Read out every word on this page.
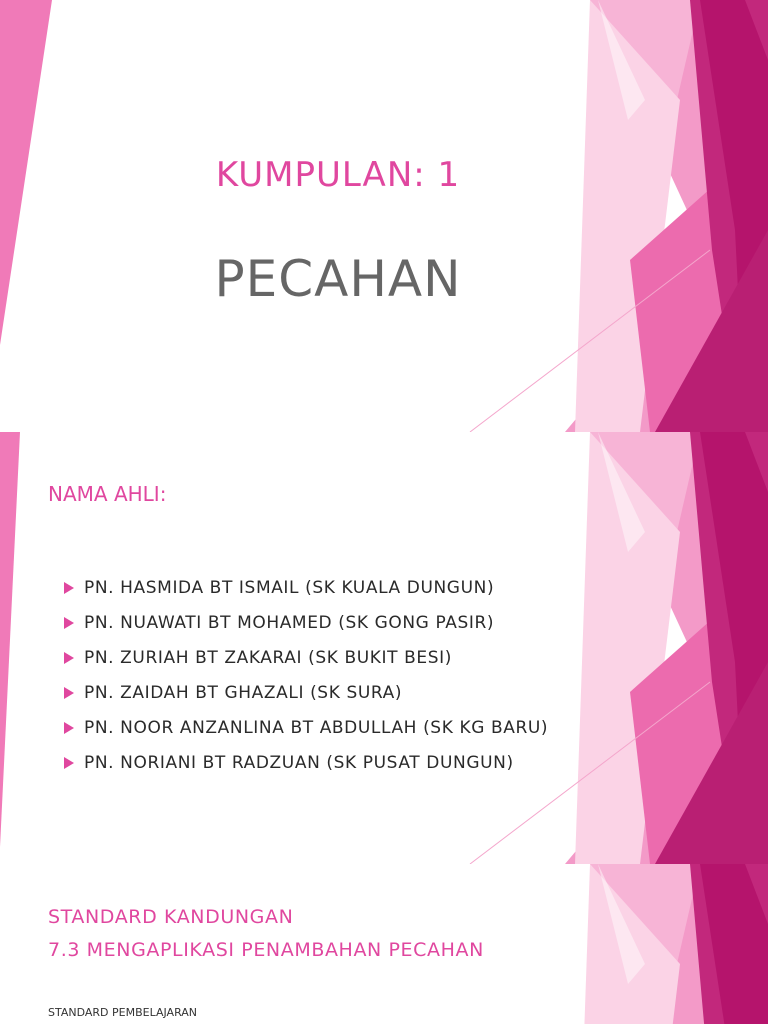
KUMPULAN: 1
PECAHAN
NAMA AHLI:
PN. HASMIDA BT ISMAIL (SK KUALA DUNGUN)
PN. NUAWATI BT MOHAMED (SK GONG PASIR)
PN. ZURIAH BT ZAKARAI (SK BUKIT BESI)
PN. ZAIDAH BT GHAZALI (SK SURA)
PN. NOOR ANZANLINA BT ABDULLAH (SK KG BARU)
PN. NORIANI BT RADZUAN (SK PUSAT DUNGUN)
STANDARD KANDUNGAN
7.3 MENGAPLIKASI PENAMBAHAN PECAHAN
STANDARD PEMBELAJARAN
